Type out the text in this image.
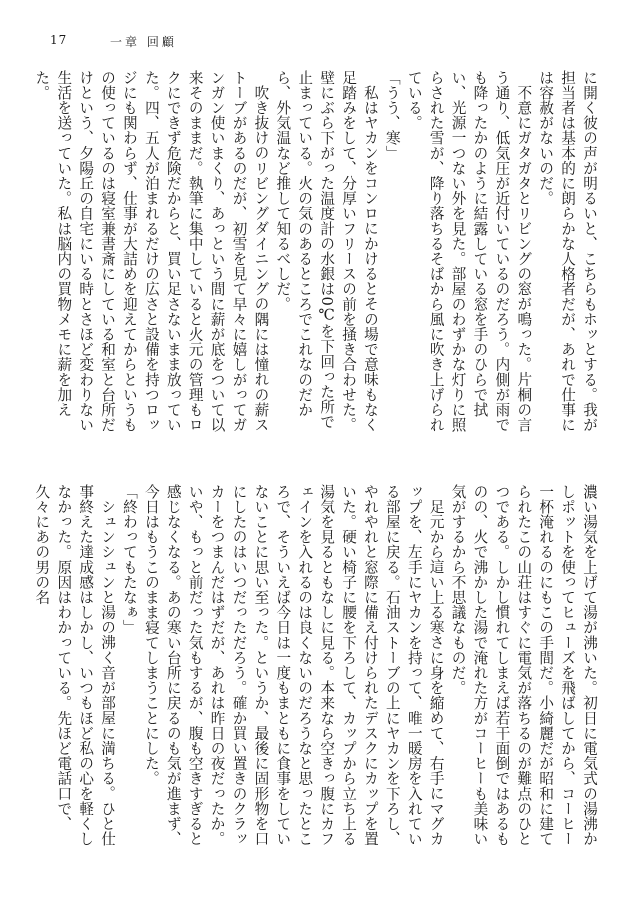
17	一章 回顧

に開く彼の声が明るいと、こちらもホッとする。我が担当者は基本的に朗らかな人格者だが、あれで仕事には容赦がないのだ。

不意にガタガタとリビングの窓が鳴った。片桐の言う通り、低気圧が近付いているのだろう。内側が雨でも降ったかのように結露している窓を手のひらで拭い、光源一つない外を見た。部屋のわずかな灯りに照らされた雪が、降り落ちるそばから風に吹き上げられている。

「うう、寒」

私はヤカンをコンロにかけるとその場で意味もなく足踏みをして、分厚いフリースの前を掻き合わせた。壁にぶら下がった温度計の水銀は0℃を下回った所で止まっている。火の気のあるところでこれなのだから、外気温など推して知るべしだ。

吹き抜けのリビングダイニングの隅には憧れの薪ストーブがあるのだが、初雪を見て早々に嬉しがってガンガン使いまくり、あっという間に薪が底をついて以来そのままだ。執筆に集中していると火元の管理もロクにできず危険だからと、買い足さないまま放っていた。四、五人が泊まれるだけの広さと設備を持つロッジにも関わらず、仕事が大詰めを迎えてからというもの使っているのは寝室兼書斎にしている和室と台所だけという、夕陽丘の自宅にいる時とさほど変わりない生活を送っていた。私は脳内の買物メモに薪を加えた。

濃い湯気を上げて湯が沸いた。初日に電気式の湯沸かしポットを使ってヒューズを飛ばしてから、コーヒー一杯淹れるのにもこの手間だ。小綺麗だが昭和に建てられたこの山荘はすぐに電気が落ちるのが難点のひとつである。しかし慣れてしまえば若干面倒ではあるものの、火で沸かした湯で淹れた方がコーヒーも美味い気がするから不思議なものだ。

足元から這い上る寒さに身を縮めて、右手にマグカップを、左手にヤカンを持って、唯一暖房を入れている部屋に戻る。石油ストーブの上にヤカンを下ろし、やれやれと窓際に備え付けられたデスクにカップを置いた。硬い椅子に腰を下ろして、カップから立ち上る湯気を見るともなしに見る。本来なら空きっ腹にカフェインを入れるのは良くないのだろうなと思ったところで、そういえば今日は一度もまともに食事をしていないことに思い至った。というか、最後に固形物を口にしたのはいつだっただろう。確か買い置きのクラッカーをつまんだはずだが、あれは昨日の夜だったか。いや、もっと前だった気もするが、腹も空きすぎると感じなくなる。あの寒い台所に戻るのも気が進まず、今日はもうこのまま寝てしまうことにした。

「終わってもたなぁ」

シュンシュンと湯の沸く音が部屋に満ちる。ひと仕事終えた達成感はしかし、いつもほど私の心を軽くしなかった。原因はわかっている。先ほど電話口で、久々にあの男の名
